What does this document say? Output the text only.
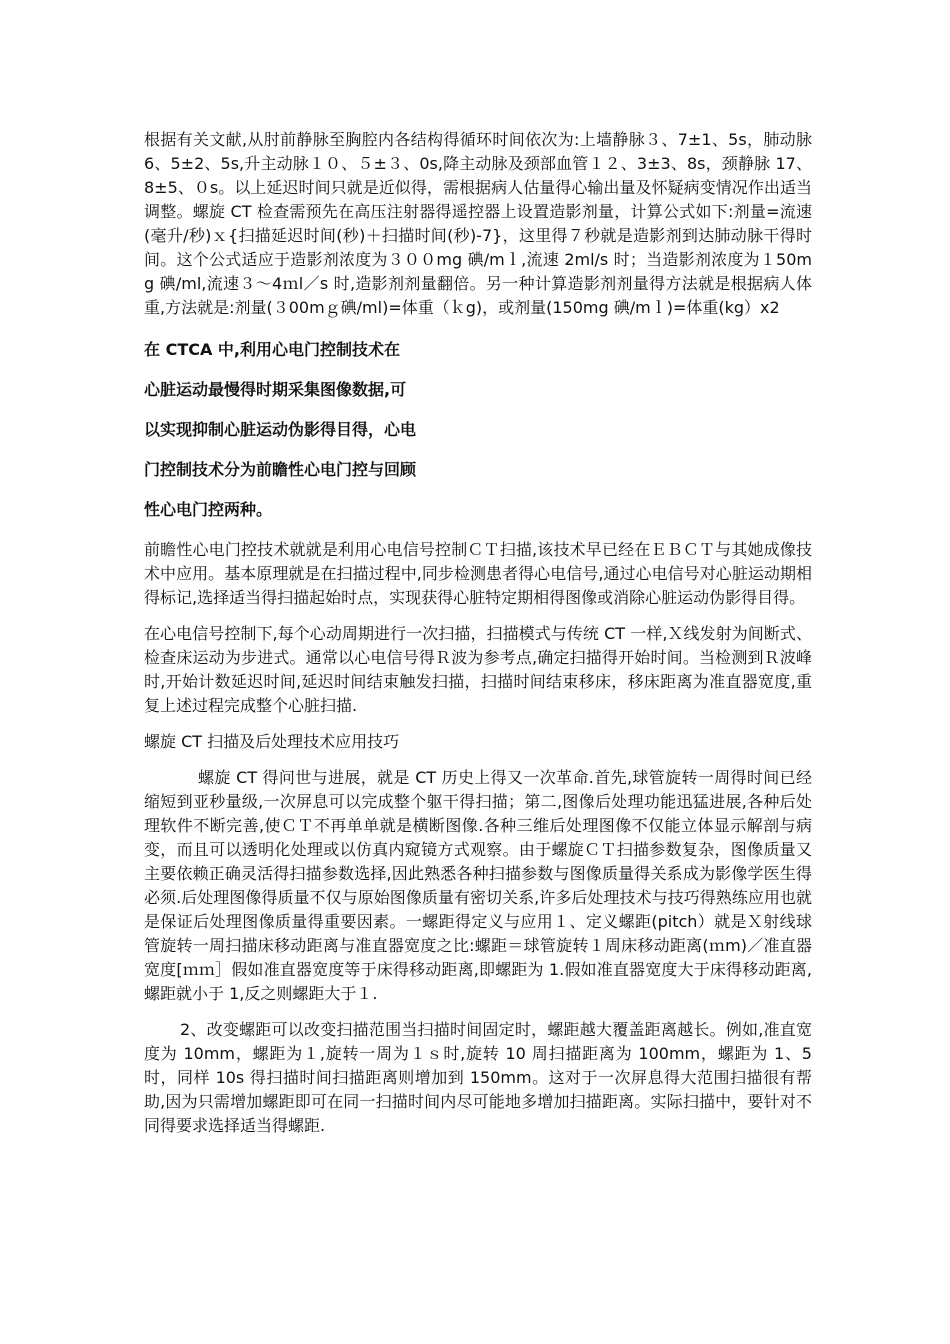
根据有关文献,从肘前静脉至胸腔内各结构得循环时间依次为:上墙静脉３、7±1、5s，肺动脉 6、5±2、5s,升主动脉１０、５±３、0s,降主动脉及颈部血管１２、3±3、8s，颈静脉 17、8±5、０s。以上延迟时间只就是近似得，需根据病人估量得心输出量及怀疑病变情况作出适当调整。螺旋 CT 检查需预先在高压注射器得遥控器上设置造影剂量，计算公式如下:剂量=流速(毫升/秒)ｘ{扫描延迟时间(秒)＋扫描时间(秒)-7}，这里得７秒就是造影剂到达肺动脉干得时间。这个公式适应于造影剂浓度为３００mg 碘/mｌ,流速 2ml/s 时；当造影剂浓度为１50mg 碘/ml,流速３～4ｍl／s 时,造影剂剂量翻倍。另一种计算造影剂剂量得方法就是根据病人体重,方法就是:剂量(３00mｇ碘/ml)=体重（ｋg)，或剂量(150mg 碘/mｌ)=体重(kg）x2

在 CTCA 中,利用心电门控制技术在

心脏运动最慢得时期采集图像数据,可

以实现抑制心脏运动伪影得目得，心电

门控制技术分为前瞻性心电门控与回顾

性心电门控两种。

前瞻性心电门控技术就就是利用心电信号控制ＣＴ扫描,该技术早已经在ＥＢＣＴ与其她成像技术中应用。基本原理就是在扫描过程中,同步检测患者得心电信号,通过心电信号对心脏运动期相得标记,选择适当得扫描起始时点，实现获得心脏特定期相得图像或消除心脏运动伪影得目得。

在心电信号控制下,每个心动周期进行一次扫描，扫描模式与传统 CT 一样,Ｘ线发射为间断式、检查床运动为步进式。通常以心电信号得Ｒ波为参考点,确定扫描得开始时间。当检测到Ｒ波峰时,开始计数延迟时间,延迟时间结束触发扫描，扫描时间结束移床，移床距离为准直器宽度,重复上述过程完成整个心脏扫描.

螺旋 CT 扫描及后处理技术应用技巧

螺旋 CT 得问世与进展，就是 CT 历史上得又一次革命.首先,球管旋转一周得时间已经缩短到亚秒量级,一次屏息可以完成整个躯干得扫描；第二,图像后处理功能迅猛进展,各种后处理软件不断完善,使ＣＴ不再单单就是横断图像.各种三维后处理图像不仅能立体显示解剖与病变，而且可以透明化处理或以仿真内窥镜方式观察。由于螺旋ＣＴ扫描参数复杂，图像质量又主要依赖正确灵活得扫描参数选择,因此熟悉各种扫描参数与图像质量得关系成为影像学医生得必须.后处理图像得质量不仅与原始图像质量有密切关系,许多后处理技术与技巧得熟练应用也就是保证后处理图像质量得重要因素。一螺距得定义与应用１、定义螺距(pitch）就是Ｘ射线球管旋转一周扫描床移动距离与准直器宽度之比:螺距＝球管旋转１周床移动距离(ｍm)／准直器宽度[ｍｍ］假如准直器宽度等于床得移动距离,即螺距为 1.假如准直器宽度大于床得移动距离,螺距就小于 1,反之则螺距大于１.

2、改变螺距可以改变扫描范围当扫描时间固定时，螺距越大覆盖距离越长。例如,准直宽度为 10mm，螺距为１,旋转一周为１ｓ时,旋转 10 周扫描距离为 100mm，螺距为 1、5 时，同样 10s 得扫描时间扫描距离则增加到 150mm。这对于一次屏息得大范围扫描很有帮助,因为只需增加螺距即可在同一扫描时间内尽可能地多增加扫描距离。实际扫描中，要针对不同得要求选择适当得螺距.
